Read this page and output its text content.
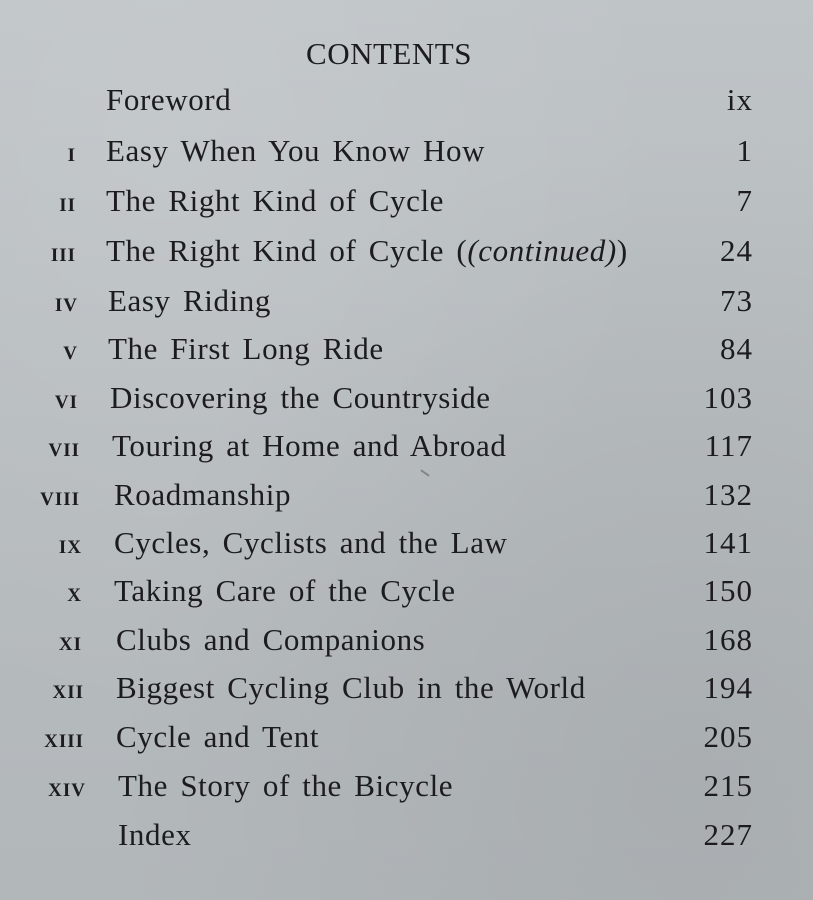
CONTENTS
Foreword	ix
I Easy When You Know How	1
II The Right Kind of Cycle	7
III The Right Kind of Cycle ((continued))	24
IV Easy Riding	73
V The First Long Ride	84
VI Discovering the Countryside	103
VII Touring at Home and Abroad	117
VIII Roadmanship	132
IX Cycles, Cyclists and the Law	141
X Taking Care of the Cycle	150
XI Clubs and Companions	168
XII Biggest Cycling Club in the World	194
XIII Cycle and Tent	205
XIV The Story of the Bicycle	215
Index	227
